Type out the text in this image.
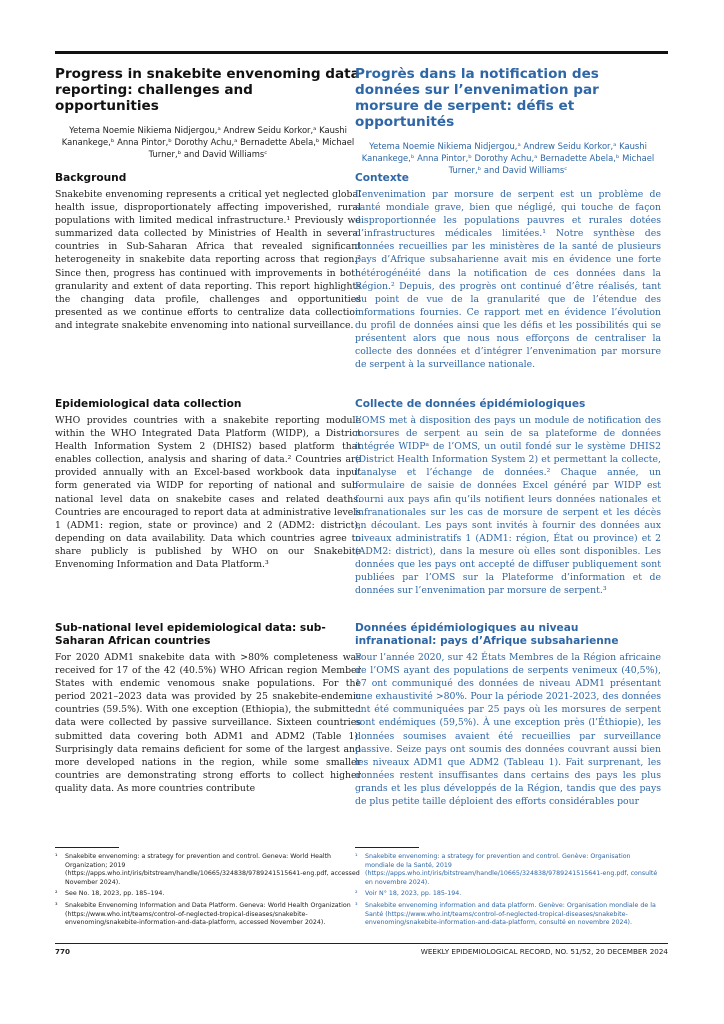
Progress in snakebite envenoming data reporting: challenges and opportunities
Yetema Noemie Nikiema Nidjergou,ᵃ Andrew Seidu Korkor,ᵃ Kaushi Kanankege,ᵇ Anna Pintor,ᵇ Dorothy Achu,ᵃ Bernadette Abela,ᵇ Michael Turner,ᵇ and David Williamsᶜ
Background

Snakebite envenoming represents a critical yet neglected global health issue, disproportionately affecting impoverished, rural populations with limited medical infrastructure.¹ Previously we summarized data collected by Ministries of Health in several countries in Sub-Saharan Africa that revealed significant heterogeneity in snakebite data reporting across that region.² Since then, progress has continued with improvements in both granularity and extent of data reporting. This report highlights the changing data profile, challenges and opportunities presented as we continue efforts to centralize data collection and integrate snakebite envenoming into national surveillance.

Epidemiological data collection

WHO provides countries with a snakebite reporting module within the WHO Integrated Data Platform (WIDP), a District Health Information System 2 (DHIS2) based platform that enables collection, analysis and sharing of data.² Countries are provided annually with an Excel-based workbook data input form generated via WIDP for reporting of national and sub-national level data on snakebite cases and related deaths. Countries are encouraged to report data at administrative levels 1 (ADM1: region, state or province) and 2 (ADM2: district), depending on data availability. Data which countries agree to share publicly is published by WHO on our Snakebite Envenoming Information and Data Platform.³

Sub-national level epidemiological data: sub-Saharan African countries

For 2020 ADM1 snakebite data with >80% completeness was received for 17 of the 42 (40.5%) WHO African region Member States with endemic venomous snake populations. For the period 2021–2023 data was provided by 25 snakebite-endemic countries (59.5%). With one exception (Ethiopia), the submitted data were collected by passive surveillance. Sixteen countries submitted data covering both ADM1 and ADM2 (Table 1). Surprisingly data remains deficient for some of the largest and more developed nations in the region, while some smaller countries are demonstrating strong efforts to collect higher quality data. As more countries contribute

Progrès dans la notification des données sur l’envenimation par morsure de serpent: défis et opportunités
Yetema Noemie Nikiema Nidjergou,ᵃ Andrew Seidu Korkor,ᵃ Kaushi Kanankege,ᵇ Anna Pintor,ᵇ Dorothy Achu,ᵃ Bernadette Abela,ᵇ Michael Turner,ᵇ and David Williamsᶜ
Contexte

L’envenimation par morsure de serpent est un problème de santé mondiale grave, bien que négligé, qui touche de façon disproportionnée les populations pauvres et rurales dotées d’infrastructures médicales limitées.¹ Notre synthèse des données recueillies par les ministères de la santé de plusieurs pays d’Afrique subsaharienne avait mis en évidence une forte hétérogénéité dans la notification de ces données dans la Région.² Depuis, des progrès ont continué d’être réalisés, tant du point de vue de la granularité que de l’étendue des informations fournies. Ce rapport met en évidence l’évolution du profil de données ainsi que les défis et les possibilités qui se présentent alors que nous nous efforçons de centraliser la collecte des données et d’intégrer l’envenimation par morsure de serpent à la surveillance nationale.

Collecte de données épidémiologiques

L’OMS met à disposition des pays un module de notification des morsures de serpent au sein de sa plateforme de données intégrée WIDPᵃ de l’OMS, un outil fondé sur le système DHIS2 (District Health Information System 2) et permettant la collecte, l’analyse et l’échange de données.² Chaque année, un formulaire de saisie de données Excel généré par WIDP est fourni aux pays afin qu’ils notifient leurs données nationales et infranationales sur les cas de morsure de serpent et les décès en découlant. Les pays sont invités à fournir des données aux niveaux administratifs 1 (ADM1: région, État ou province) et 2 (ADM2: district), dans la mesure où elles sont disponibles. Les données que les pays ont accepté de diffuser publiquement sont publiées par l’OMS sur la Plateforme d’information et de données sur l’envenimation par morsure de serpent.³

Données épidémiologiques au niveau infranational: pays d’Afrique subsaharienne

Pour l’année 2020, sur 42 États Membres de la Région africaine de l’OMS ayant des populations de serpents venimeux (40,5%), 17 ont communiqué des données de niveau ADM1 présentant une exhaustivité >80%. Pour la période 2021-2023, des données ont été communiquées par 25 pays où les morsures de serpent sont endémiques (59,5%). À une exception près (l’Éthiopie), les données soumises avaient été recueillies par surveillance passive. Seize pays ont soumis des données couvrant aussi bien les niveaux ADM1 que ADM2 (Tableau 1). Fait surprenant, les données restent insuffisantes dans certains des pays les plus grands et les plus développés de la Région, tandis que des pays de plus petite taille déploient des efforts considérables pour

¹	Snakebite envenoming: a strategy for prevention and control. Geneva: World Health Organization; 2019 (https://apps.who.int/iris/bitstream/handle/10665/324838/9789241515641-eng.pdf, accessed November 2024).
²	See No. 18, 2023, pp. 185–194.
³	Snakebite Envenoming Information and Data Platform. Geneva: World Health Organization (https://www.who.int/teams/control-of-neglected-tropical-diseases/snakebite-envenoming/snakebite-information-and-data-platform, accessed November 2024).
¹	Snakebite envenoming: a strategy for prevention and control. Genève: Organisation mondiale de la Santé, 2019 (https://apps.who.int/iris/bitstream/handle/10665/324838/9789241515641-eng.pdf, consulté en novembre 2024).
²	Voir N° 18, 2023, pp. 185-194.
³	Snakebite envenoming information and data platform. Genève: Organisation mondiale de la Santé (https://www.who.int/teams/control-of-neglected-tropical-diseases/snakebite-envenoming/snakebite-information-and-data-platform, consulté en novembre 2024).
770	WEEKLY EPIDEMIOLOGICAL RECORD, NO. 51/52, 20 DECEMBER 2024
